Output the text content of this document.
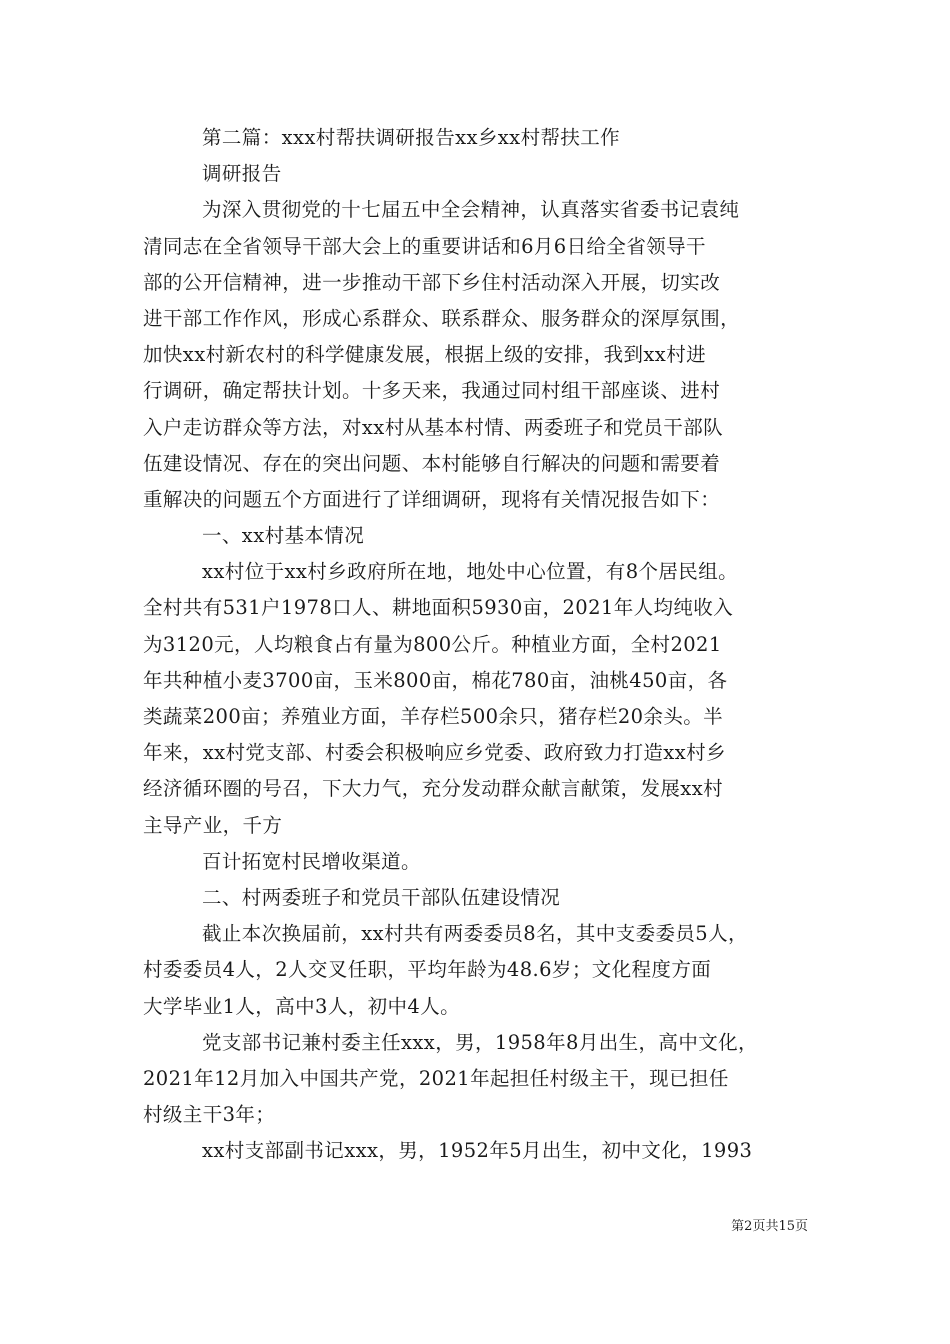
第二篇：xxx村帮扶调研报告xx乡xx村帮扶工作
调研报告
为深入贯彻党的十七届五中全会精神，认真落实省委书记袁纯
清同志在全省领导干部大会上的重要讲话和6月6日给全省领导干
部的公开信精神，进一步推动干部下乡住村活动深入开展，切实改
进干部工作作风，形成心系群众、联系群众、服务群众的深厚氛围，
加快xx村新农村的科学健康发展，根据上级的安排，我到xx村进
行调研，确定帮扶计划。十多天来，我通过同村组干部座谈、进村
入户走访群众等方法，对xx村从基本村情、两委班子和党员干部队
伍建设情况、存在的突出问题、本村能够自行解决的问题和需要着
重解决的问题五个方面进行了详细调研，现将有关情况报告如下：
一、xx村基本情况
xx村位于xx村乡政府所在地，地处中心位置，有8个居民组。
全村共有531户1978口人、耕地面积5930亩，2021年人均纯收入
为3120元，人均粮食占有量为800公斤。种植业方面，全村2021
年共种植小麦3700亩，玉米800亩，棉花780亩，油桃450亩，各
类蔬菜200亩；养殖业方面，羊存栏500余只，猪存栏20余头。半
年来，xx村党支部、村委会积极响应乡党委、政府致力打造xx村乡
经济循环圈的号召，下大力气，充分发动群众献言献策，发展xx村
主导产业，千方
百计拓宽村民增收渠道。
二、村两委班子和党员干部队伍建设情况
截止本次换届前，xx村共有两委委员8名，其中支委委员5人，
村委委员4人，2人交叉任职，平均年龄为48.6岁；文化程度方面
大学毕业1人，高中3人，初中4人。
党支部书记兼村委主任xxx，男，1958年8月出生，高中文化，
2021年12月加入中国共产党，2021年起担任村级主干，现已担任
村级主干3年；
xx村支部副书记xxx，男，1952年5月出生，初中文化，1993
第2页共15页
